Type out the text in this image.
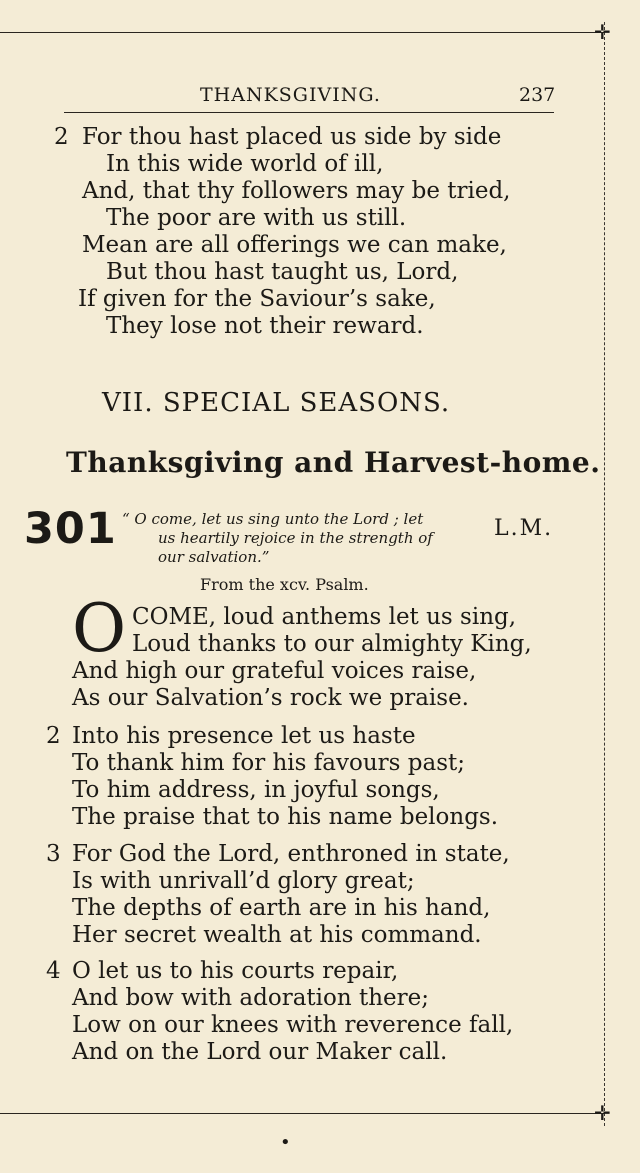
✛
✛
THANKSGIVING.	237
2 For thou hast placed us side by side
In this wide world of ill,
And, that thy followers may be tried,
The poor are with us still.
Mean are all offerings we can make,
But thou hast taught us, Lord,
If given for the Saviour’s sake,
They lose not their reward.
VII. SPECIAL SEASONS.
Thanksgiving and Harvest-home.
301 “ O come, let us sing unto the Lord ; let
us heartily rejoice in the strength of
our salvation.”
L.M.
From the xcv. Psalm.
O COME, loud anthems let us sing,
Loud thanks to our almighty King,
And high our grateful voices raise,
As our Salvation’s rock we praise.
2 Into his presence let us haste
To thank him for his favours past;
To him address, in joyful songs,
The praise that to his name belongs.
3 For God the Lord, enthroned in state,
Is with unrivall’d glory great;
The depths of earth are in his hand,
Her secret wealth at his command.
4 O let us to his courts repair,
And bow with adoration there;
Low on our knees with reverence fall,
And on the Lord our Maker call.
•
